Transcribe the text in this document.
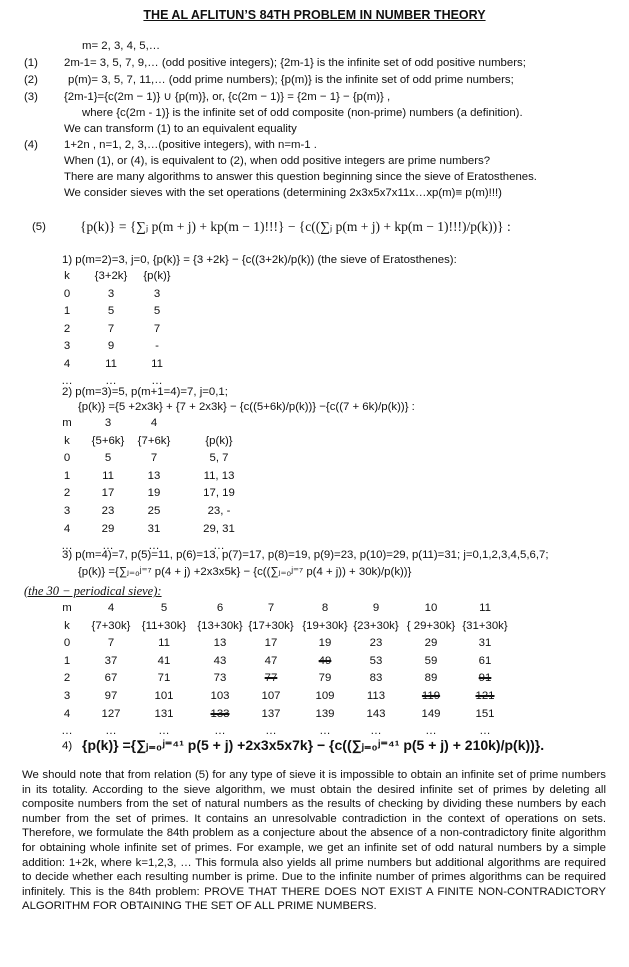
THE AL AFLITUN’S 84TH PROBLEM IN NUMBER THEORY
m= 2, 3, 4, 5,…
(1) 2m-1= 3, 5, 7, 9,… (odd positive integers); {2m-1} is the infinite set of odd positive numbers;
(2)	p(m)= 3, 5, 7, 11,… (odd prime numbers); {p(m)} is the infinite set of odd prime numbers;
(3) {2m-1}={c(2m − 1)} ∪ {p(m)}, or, {c(2m − 1)} = {2m − 1} − {p(m)} ,
where {c(2m - 1)} is the infinite set of odd composite (non-prime) numbers (a definition).
We can transform (1) to an equivalent equality
(4) 1+2n , n=1, 2, 3,…(positive integers), with n=m-1 .
When (1), or (4), is equivalent to (2), when odd positive integers are prime numbers?
There are many algorithms to answer this question beginning since the sieve of Eratosthenes.
We consider sieves with the set operations (determining 2x3x5x7x11x…xp(m)≡ p(m)!!!)
(5)	{p(k)} = {∑ⱼ p(m + j) + kp(m − 1)!!!} − {c((∑ⱼ p(m + j) + kp(m − 1)!!!)/p(k))} :
1) p(m=2)=3, j=0, {p(k)} = {3 +2k} − {c((3+2k)/p(k)) (the sieve of Eratosthenes):
k {3+2k} {p(k)}
0	3	3
1	5	5
2	7	7
3	9	-
4	11	11
…	…	…
2) p(m=3)=5, p(m+1=4)=7, j=0,1;
{p(k)} ={5 +2x3k} + {7 + 2x3k} − {c((5+6k)/p(k))} −{c((7 + 6k)/p(k))} :
m	3	4
k {5+6k} {7+6k}	{p(k)}
0	5	7	5, 7
1	11	13	11, 13
2	17	19	17, 19
3	23	25	23, -
4	29	31	29, 31
…	…	…	…
3) p(m=4)=7, p(5)=11, p(6)=13, p(7)=17, p(8)=19, p(9)=23, p(10)=29, p(11)=31; j=0,1,2,3,4,5,6,7;
{p(k)} ={∑ⱼ₌₀ʲ⁼⁷ p(4 + j) +2x3x5k} − {c((∑ⱼ₌₀ʲ⁼⁷ p(4 + j)) + 30k)/p(k))}
(the 30 − periodical sieve):
m	4	5	6	7	8	9	10	11
k {7+30k} {11+30k} {13+30k} {17+30k} {19+30k} {23+30k} { 29+30k} {31+30k}
0	7	11	13	17	19	23	29	31
1	37	41	43	47	49	53	59	61
2	67	71	73	77	79	83	89	91
3	97	101	103	107	109	113	119	121
4	127	131	133	137	139	143	149	151
…	…	…	…	…	…	…	…	…
4) {p(k)} ={∑ⱼ₌₀ʲ⁼⁴¹ p(5 + j) +2x3x5x7k} − {c((∑ⱼ₌₀ʲ⁼⁴¹ p(5 + j) + 210k)/p(k))}.
We should note that from relation (5) for any type of sieve it is impossible to obtain an infinite set of prime numbers in its totality. According to the sieve algorithm, we must obtain the desired infinite set of primes by deleting all composite numbers from the set of natural numbers as the results of checking by dividing these numbers by each number from the set of primes. It contains an unresolvable contradiction in the context of operations on sets. Therefore, we formulate the 84th problem as a conjecture about the absence of a non-contradictory finite algorithm for obtaining whole infinite set of primes. For example, we get an infinite set of odd natural numbers by a simple addition: 1+2k, where k=1,2,3, … This formula also yields all prime numbers but additional algorithms are required to decide whether each resulting number is prime. Due to the infinite number of primes algorithms can be required infinitely. This is the 84th problem: PROVE THAT THERE DOES NOT EXIST A FINITE NON-CONTRADICTORY ALGORITHM FOR OBTAINING THE SET OF ALL PRIME NUMBERS.
